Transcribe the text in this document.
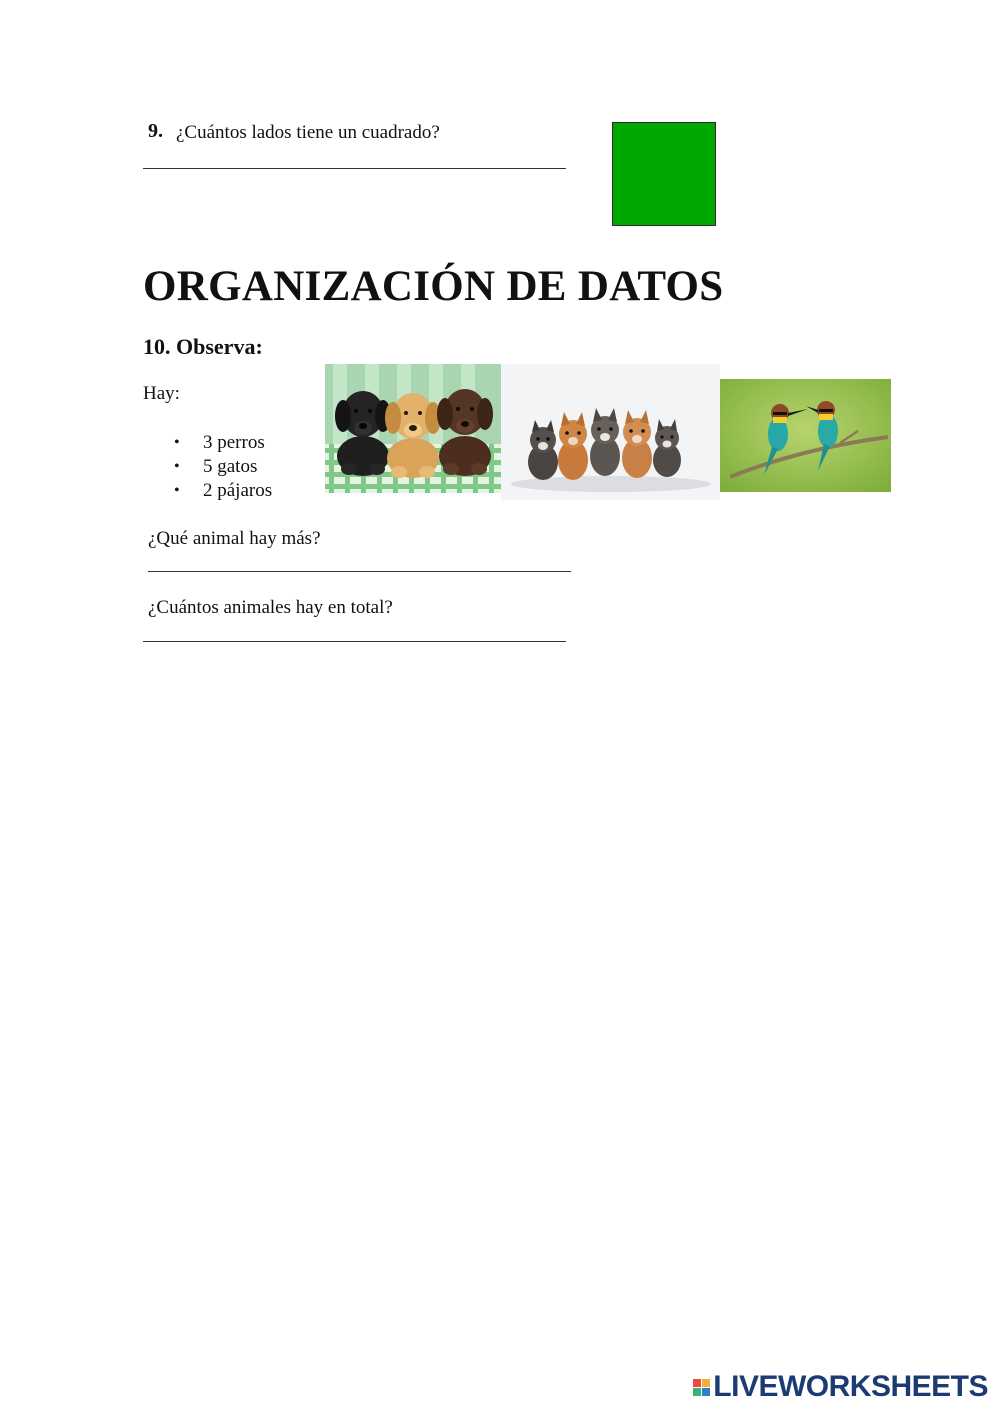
9. ¿Cuántos lados tiene un cuadrado?
ORGANIZACIÓN DE DATOS
10. Observa:
Hay:
• 3 perros
• 5 gatos
• 2 pájaros
¿Qué animal hay más?
¿Cuántos animales hay en total?
LIVEWORKSHEETS
